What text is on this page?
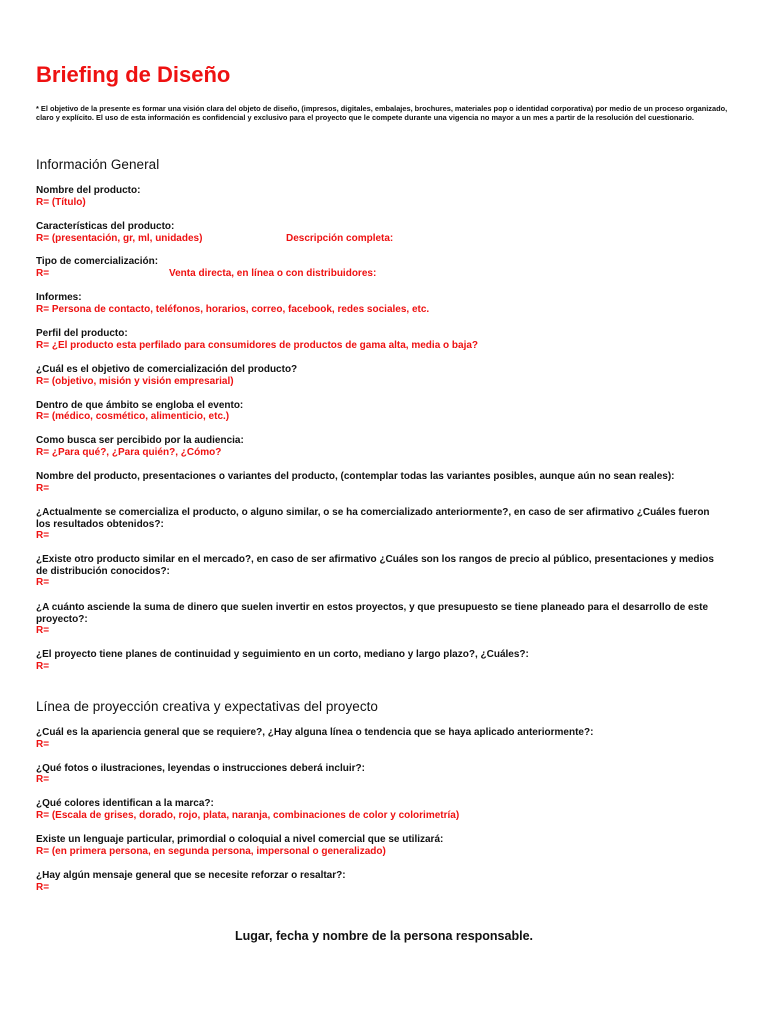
Briefing de Diseño

* El objetivo de la presente es formar una visión clara del objeto de diseño, (impresos, digitales, embalajes, brochures, materiales pop o identidad corporativa) por medio de un proceso organizado, claro y explícito. El uso de esta información es confidencial y exclusivo para el proyecto que le compete durante una vigencia no mayor a un mes a partir de la resolución del cuestionario.

Información General
Nombre del producto:
R= (Título)
Características del producto:
R= (presentación, gr, ml, unidades)	Descripción completa:
Tipo de comercialización:
R=	Venta directa, en línea o con distribuidores:
Informes:
R= Persona de contacto, teléfonos, horarios, correo, facebook, redes sociales, etc.
Perfil del producto:
R= ¿El producto esta perfilado para consumidores de productos de gama alta, media o baja?
¿Cuál es el objetivo de comercialización del producto?
R= (objetivo, misión y visión empresarial)
Dentro de que ámbito se engloba el evento:
R= (médico, cosmético, alimenticio, etc.)
Como busca ser percibido por la audiencia:
R= ¿Para qué?, ¿Para quién?, ¿Cómo?
Nombre del producto, presentaciones o variantes del producto, (contemplar todas las variantes posibles, aunque aún no sean reales):
R=
¿Actualmente se comercializa el producto, o alguno similar, o se ha comercializado anteriormente?, en caso de ser afirmativo ¿Cuáles fueron los resultados obtenidos?:
R=
¿Existe otro producto similar en el mercado?, en caso de ser afirmativo ¿Cuáles son los rangos de precio al público, presentaciones y medios de distribución conocidos?:
R=
¿A cuánto asciende la suma de dinero que suelen invertir en estos proyectos, y que presupuesto se tiene planeado para el desarrollo de este proyecto?:
R=
¿El proyecto tiene planes de continuidad y seguimiento en un corto, mediano y largo plazo?, ¿Cuáles?:
R=
Línea de proyección creativa y expectativas del proyecto
¿Cuál es la apariencia general que se requiere?, ¿Hay alguna línea o tendencia que se haya aplicado anteriormente?:
R=
¿Qué fotos o ilustraciones, leyendas o instrucciones deberá incluir?:
R=
¿Qué colores identifican a la marca?:
R= (Escala de grises, dorado, rojo, plata, naranja, combinaciones de color y colorimetría)
Existe un lenguaje particular, primordial o coloquial a nivel comercial que se utilizará:
R= (en primera persona, en segunda persona, impersonal o generalizado)
¿Hay algún mensaje general que se necesite reforzar o resaltar?:
R=

Lugar, fecha y nombre de la persona responsable.
